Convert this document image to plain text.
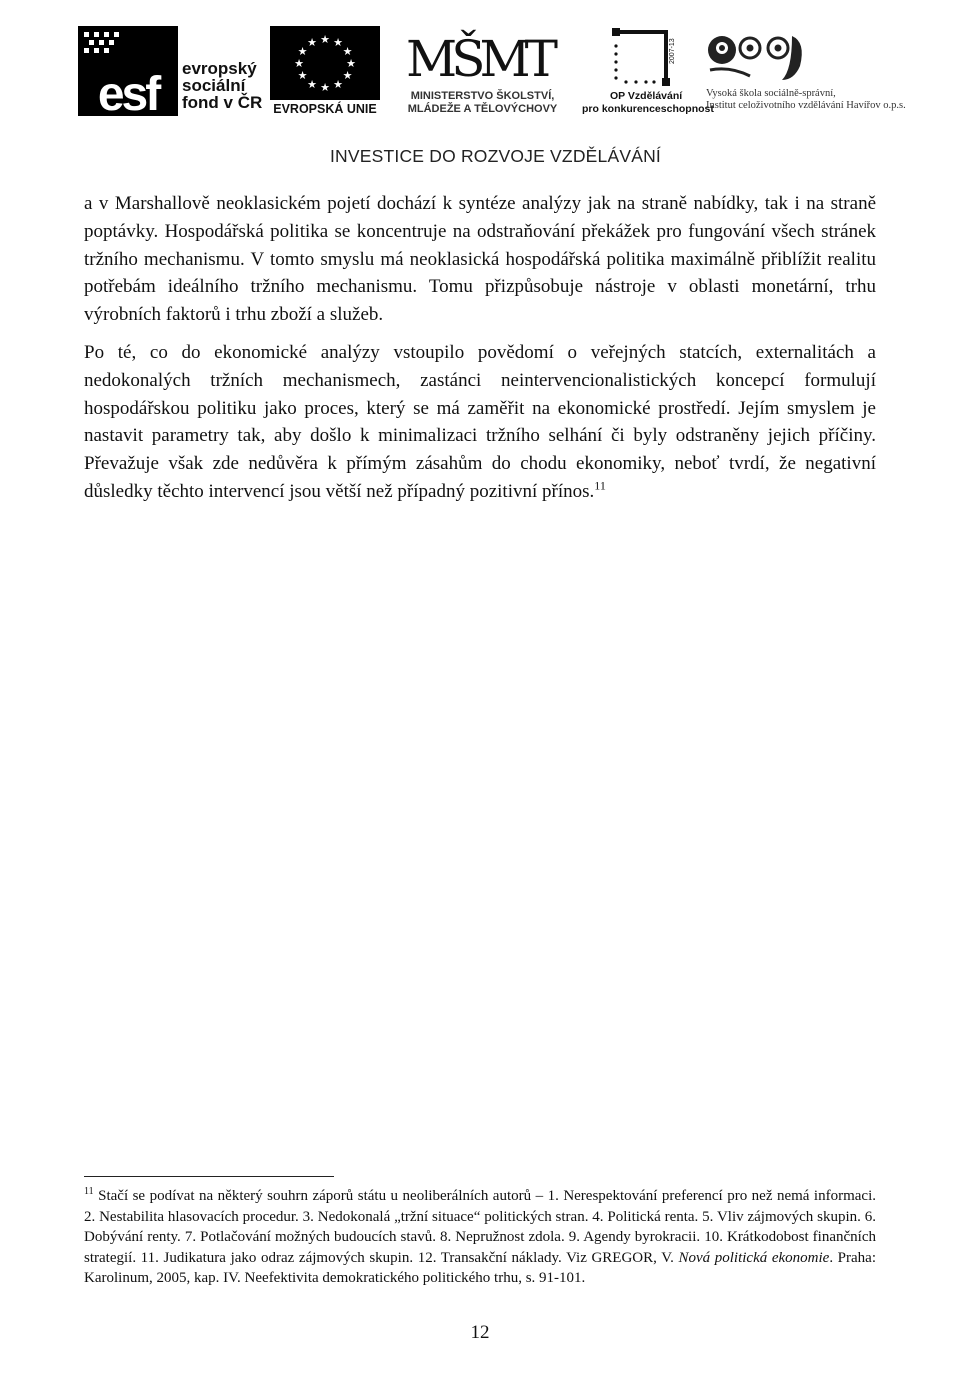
esf evropský
sociální
fond v ČR
★ ★
★
★
★
★
★
★
★
★
★
★
EVROPSKÁ UNIE
MŠMT
MINISTERSTVO ŠKOLSTVÍ,
MLÁDEŽE A TĚLOVÝCHOVY
2007-13
OP Vzdělávání
pro konkurenceschopnost
Vysoká škola sociálně-správní,
Institut celoživotního vzdělávání Havířov o.p.s.
INVESTICE DO ROZVOJE VZDĚLÁVÁNÍ

a v Marshallově neoklasickém pojetí dochází k syntéze analýzy jak na straně nabídky, tak i na straně poptávky. Hospodářská politika se koncentruje na odstraňování překážek pro fungování všech stránek tržního mechanismu. V tomto smyslu má neoklasická hospodářská politika maximálně přiblížit realitu potřebám ideálního tržního mechanismu. Tomu přizpůsobuje nástroje v oblasti monetární, trhu výrobních faktorů i trhu zboží a služeb.

Po té, co do ekonomické analýzy vstoupilo povědomí o veřejných statcích, externalitách a nedokonalých tržních mechanismech, zastánci neintervencionalistických koncepcí formulují hospodářskou politiku jako proces, který se má zaměřit na ekonomické prostředí. Jejím smyslem je nastavit parametry tak, aby došlo k minimalizaci tržního selhání či byly odstraněny jejich příčiny. Převažuje však zde nedůvěra k přímým zásahům do chodu ekonomiky, neboť tvrdí, že negativní důsledky těchto intervencí jsou větší než případný pozitivní přínos.$^{11}$

$^{11}$ Stačí se podívat na některý souhrn záporů státu u neoliberálních autorů – 1. Nerespektování preferencí pro než nemá informaci. 2. Nestabilita hlasovacích procedur. 3. Nedokonalá „tržní situace“ politických stran. 4. Politická renta. 5. Vliv zájmových skupin. 6. Dobývání renty. 7. Potlačování možných budoucích stavů. 8. Nepružnost zdola. 9. Agendy byrokracii. 10. Krátkodobost finančních strategií. 11. Judikatura jako odraz zájmových skupin. 12. Transakční náklady. Viz GREGOR, V. Nová politická ekonomie. Praha: Karolinum, 2005, kap. IV. Neefektivita demokratického politického trhu, s. 91-101.

12
